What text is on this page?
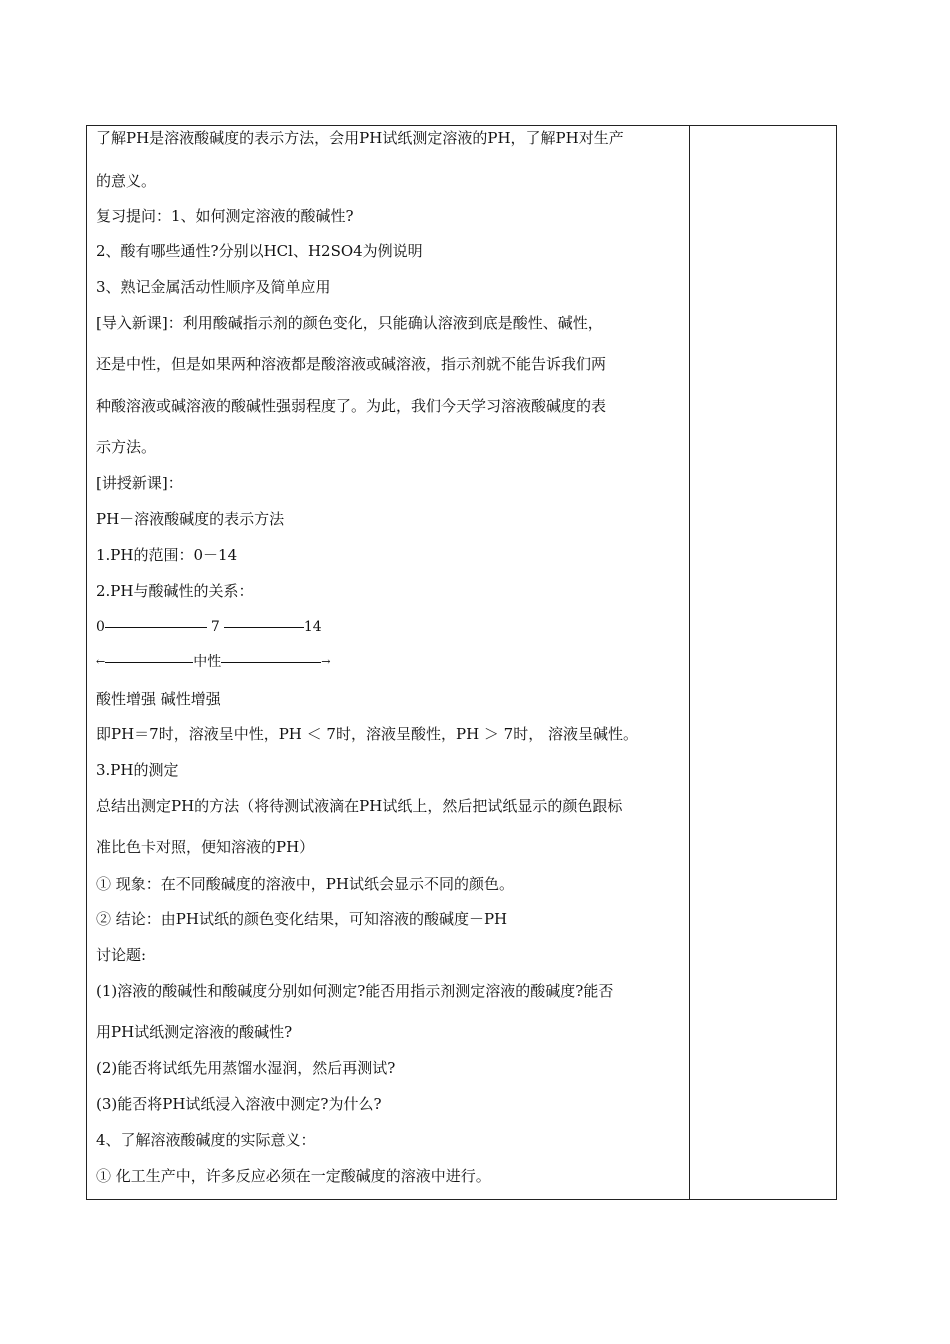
了解PH是溶液酸碱度的表示方法，会用PH试纸测定溶液的PH，了解PH对生产
的意义。
复习提问：1、如何测定溶液的酸碱性?
2、酸有哪些通性?分别以HCl、H2SO4为例说明
3、熟记金属活动性顺序及简单应用
[导入新课]：利用酸碱指示剂的颜色变化，只能确认溶液到底是酸性、碱性，
还是中性，但是如果两种溶液都是酸溶液或碱溶液，指示剂就不能告诉我们两
种酸溶液或碱溶液的酸碱性强弱程度了。为此，我们今天学习溶液酸碱度的表
示方法。
[讲授新课]：
PH－溶液酸碱度的表示方法
1.PH的范围：0－14
2.PH与酸碱性的关系：
0	7	14
←	中性	→
酸性增强 碱性增强
即PH＝7时，溶液呈中性，PH ＜ 7时，溶液呈酸性，PH ＞ 7时， 溶液呈碱性。
3.PH的测定
总结出测定PH的方法（将待测试液滴在PH试纸上，然后把试纸显示的颜色跟标
准比色卡对照，便知溶液的PH）
① 现象：在不同酸碱度的溶液中，PH试纸会显示不同的颜色。
② 结论：由PH试纸的颜色变化结果，可知溶液的酸碱度－PH
讨论题:
(1)溶液的酸碱性和酸碱度分别如何测定?能否用指示剂测定溶液的酸碱度?能否
用PH试纸测定溶液的酸碱性?
(2)能否将试纸先用蒸馏水湿润，然后再测试?
(3)能否将PH试纸浸入溶液中测定?为什么?
4、了解溶液酸碱度的实际意义：
① 化工生产中，许多反应必须在一定酸碱度的溶液中进行。
